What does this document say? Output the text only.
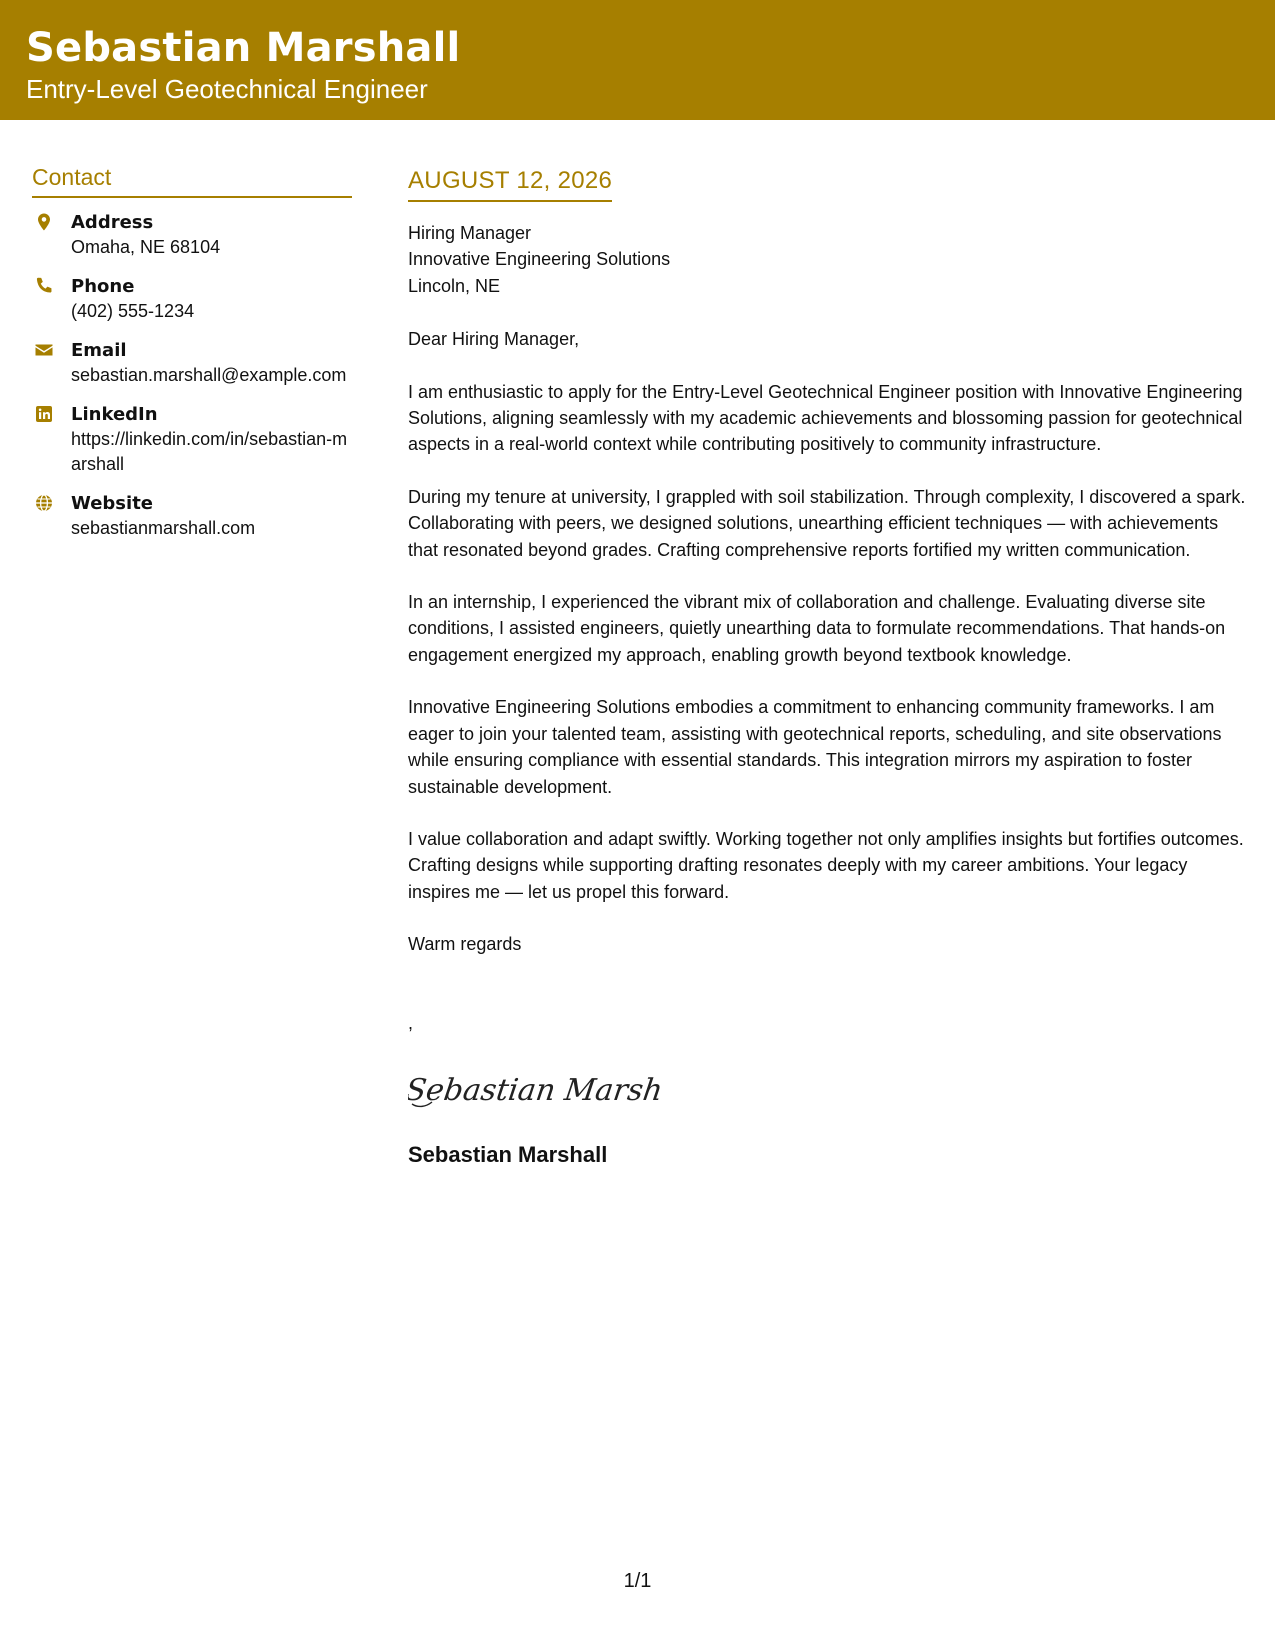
Sebastian Marshall
Entry-Level Geotechnical Engineer
Contact
Address
Omaha, NE 68104
Phone
(402) 555-1234
Email
sebastian.marshall@example.com
LinkedIn
https://linkedin.com/in/sebastian-marshall
Website
sebastianmarshall.com
AUGUST 12, 2026
Hiring Manager
Innovative Engineering Solutions
Lincoln, NE
Dear Hiring Manager,
I am enthusiastic to apply for the Entry-Level Geotechnical Engineer position with Innovative Engineering Solutions, aligning seamlessly with my academic achievements and blossoming passion for geotechnical aspects in a real-world context while contributing positively to community infrastructure.
During my tenure at university, I grappled with soil stabilization. Through complexity, I discovered a spark. Collaborating with peers, we designed solutions, unearthing efficient techniques — with achievements that resonated beyond grades. Crafting comprehensive reports fortified my written communication.
In an internship, I experienced the vibrant mix of collaboration and challenge. Evaluating diverse site conditions, I assisted engineers, quietly unearthing data to formulate recommendations. That hands-on engagement energized my approach, enabling growth beyond textbook knowledge.
Innovative Engineering Solutions embodies a commitment to enhancing community frameworks. I am eager to join your talented team, assisting with geotechnical reports, scheduling, and site observations while ensuring compliance with essential standards. This integration mirrors my aspiration to foster sustainable development.
I value collaboration and adapt swiftly. Working together not only amplifies insights but fortifies outcomes. Crafting designs while supporting drafting resonates deeply with my career ambitions. Your legacy inspires me — let us propel this forward.
Warm regards
,
Sebastian Marsh
Sebastian Marshall
1/1
